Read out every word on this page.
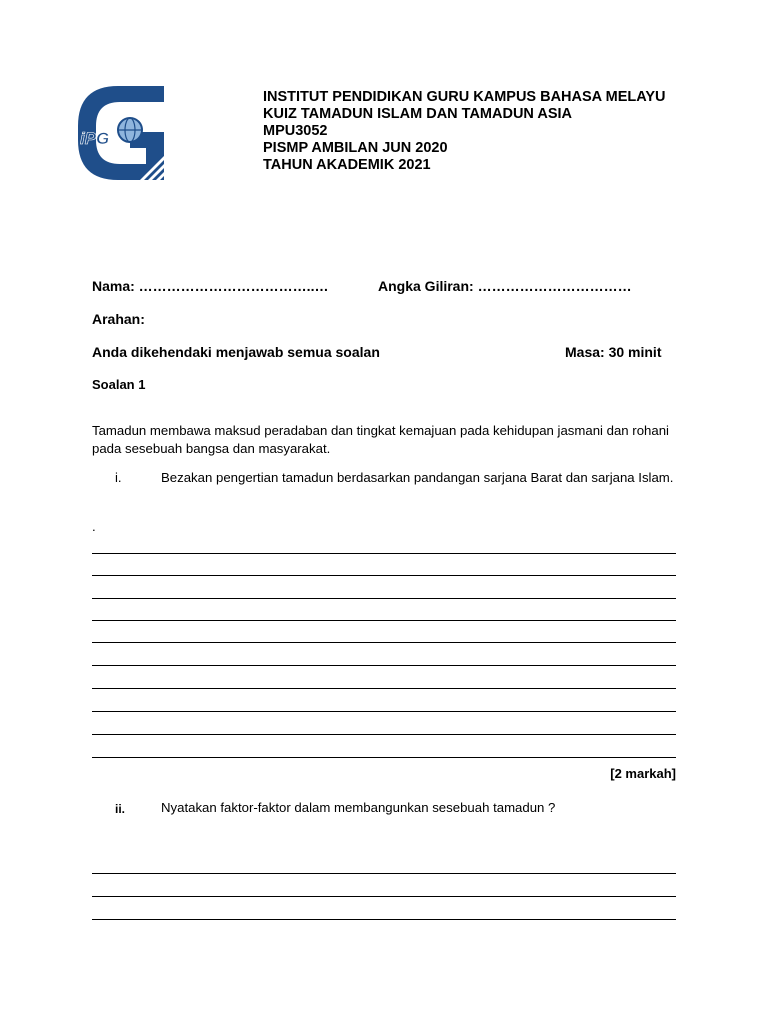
iPG
INSTITUT PENDIDIKAN GURU KAMPUS BAHASA MELAYU
KUIZ TAMADUN ISLAM DAN TAMADUN ASIA
MPU3052
PISMP AMBILAN JUN 2020
TAHUN AKADEMIK 2021
Nama: ………………………………..…	Angka Giliran: ……………………………
Arahan:
Anda dikehendaki menjawab semua soalan	Masa: 30 minit
Soalan 1
Tamadun membawa maksud peradaban dan tingkat kemajuan pada kehidupan jasmani dan rohani pada sesebuah bangsa dan masyarakat.
i.	Bezakan pengertian tamadun berdasarkan pandangan sarjana Barat dan sarjana Islam.
.
[2 markah]
ii.	Nyatakan faktor-faktor dalam membangunkan sesebuah tamadun ?
